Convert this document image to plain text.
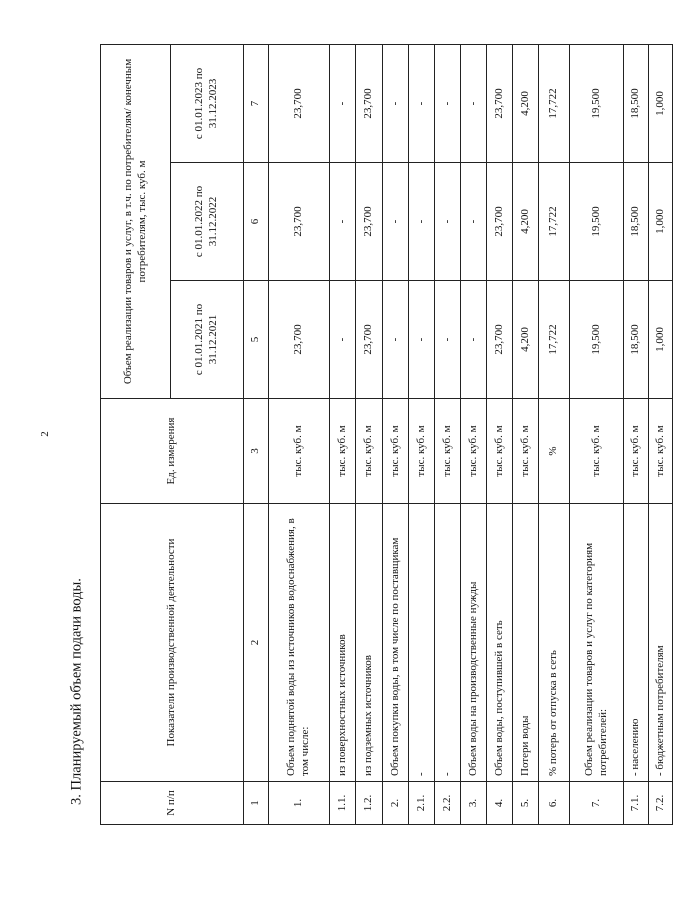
2
3. Планируемый объем подачи воды.	N п/п	Показатели производственной деятельности	Ед. измерения	Объем реализации товаров и услуг, в т.ч. по потребителям/ конечным потребителям, тыс. куб. м		
			с 01.01.2021 по 31.12.2021	с 01.01.2022 по 31.12.2022	с 01.01.2023 по 31.12.2023
1	2	3	5	6	7
1.	Объем поднятой воды из источников водоснабжения, в том числе:	тыс. куб. м	23,700	23,700	23,700
1.1.	из поверхностных источников	тыс. куб. м	-	-	-
1.2.	из подземных источников	тыс. куб. м	23,700	23,700	23,700
2.	Объем покупки воды, в том числе по поставщикам	тыс. куб. м	-	-	-
2.1.	-	тыс. куб. м	-	-	-
2.2.	-	тыс. куб. м	-	-	-
3.	Объем воды на производственные нужды	тыс. куб. м	-	-	-
4.	Объем воды, поступившей в сеть	тыс. куб. м	23,700	23,700	23,700
5.	Потери воды	тыс. куб. м	4,200	4,200	4,200
6.	% потерь от отпуска в сеть	%	17,722	17,722	17,722
7.	Объем реализации товаров и услуг по категориям потребителей:	тыс. куб. м	19,500	19,500	19,500
7.1.	- населению	тыс. куб. м	18,500	18,500	18,500
7.2.	- бюджетным потребителям	тыс. куб. м	1,000	1,000	1,000
